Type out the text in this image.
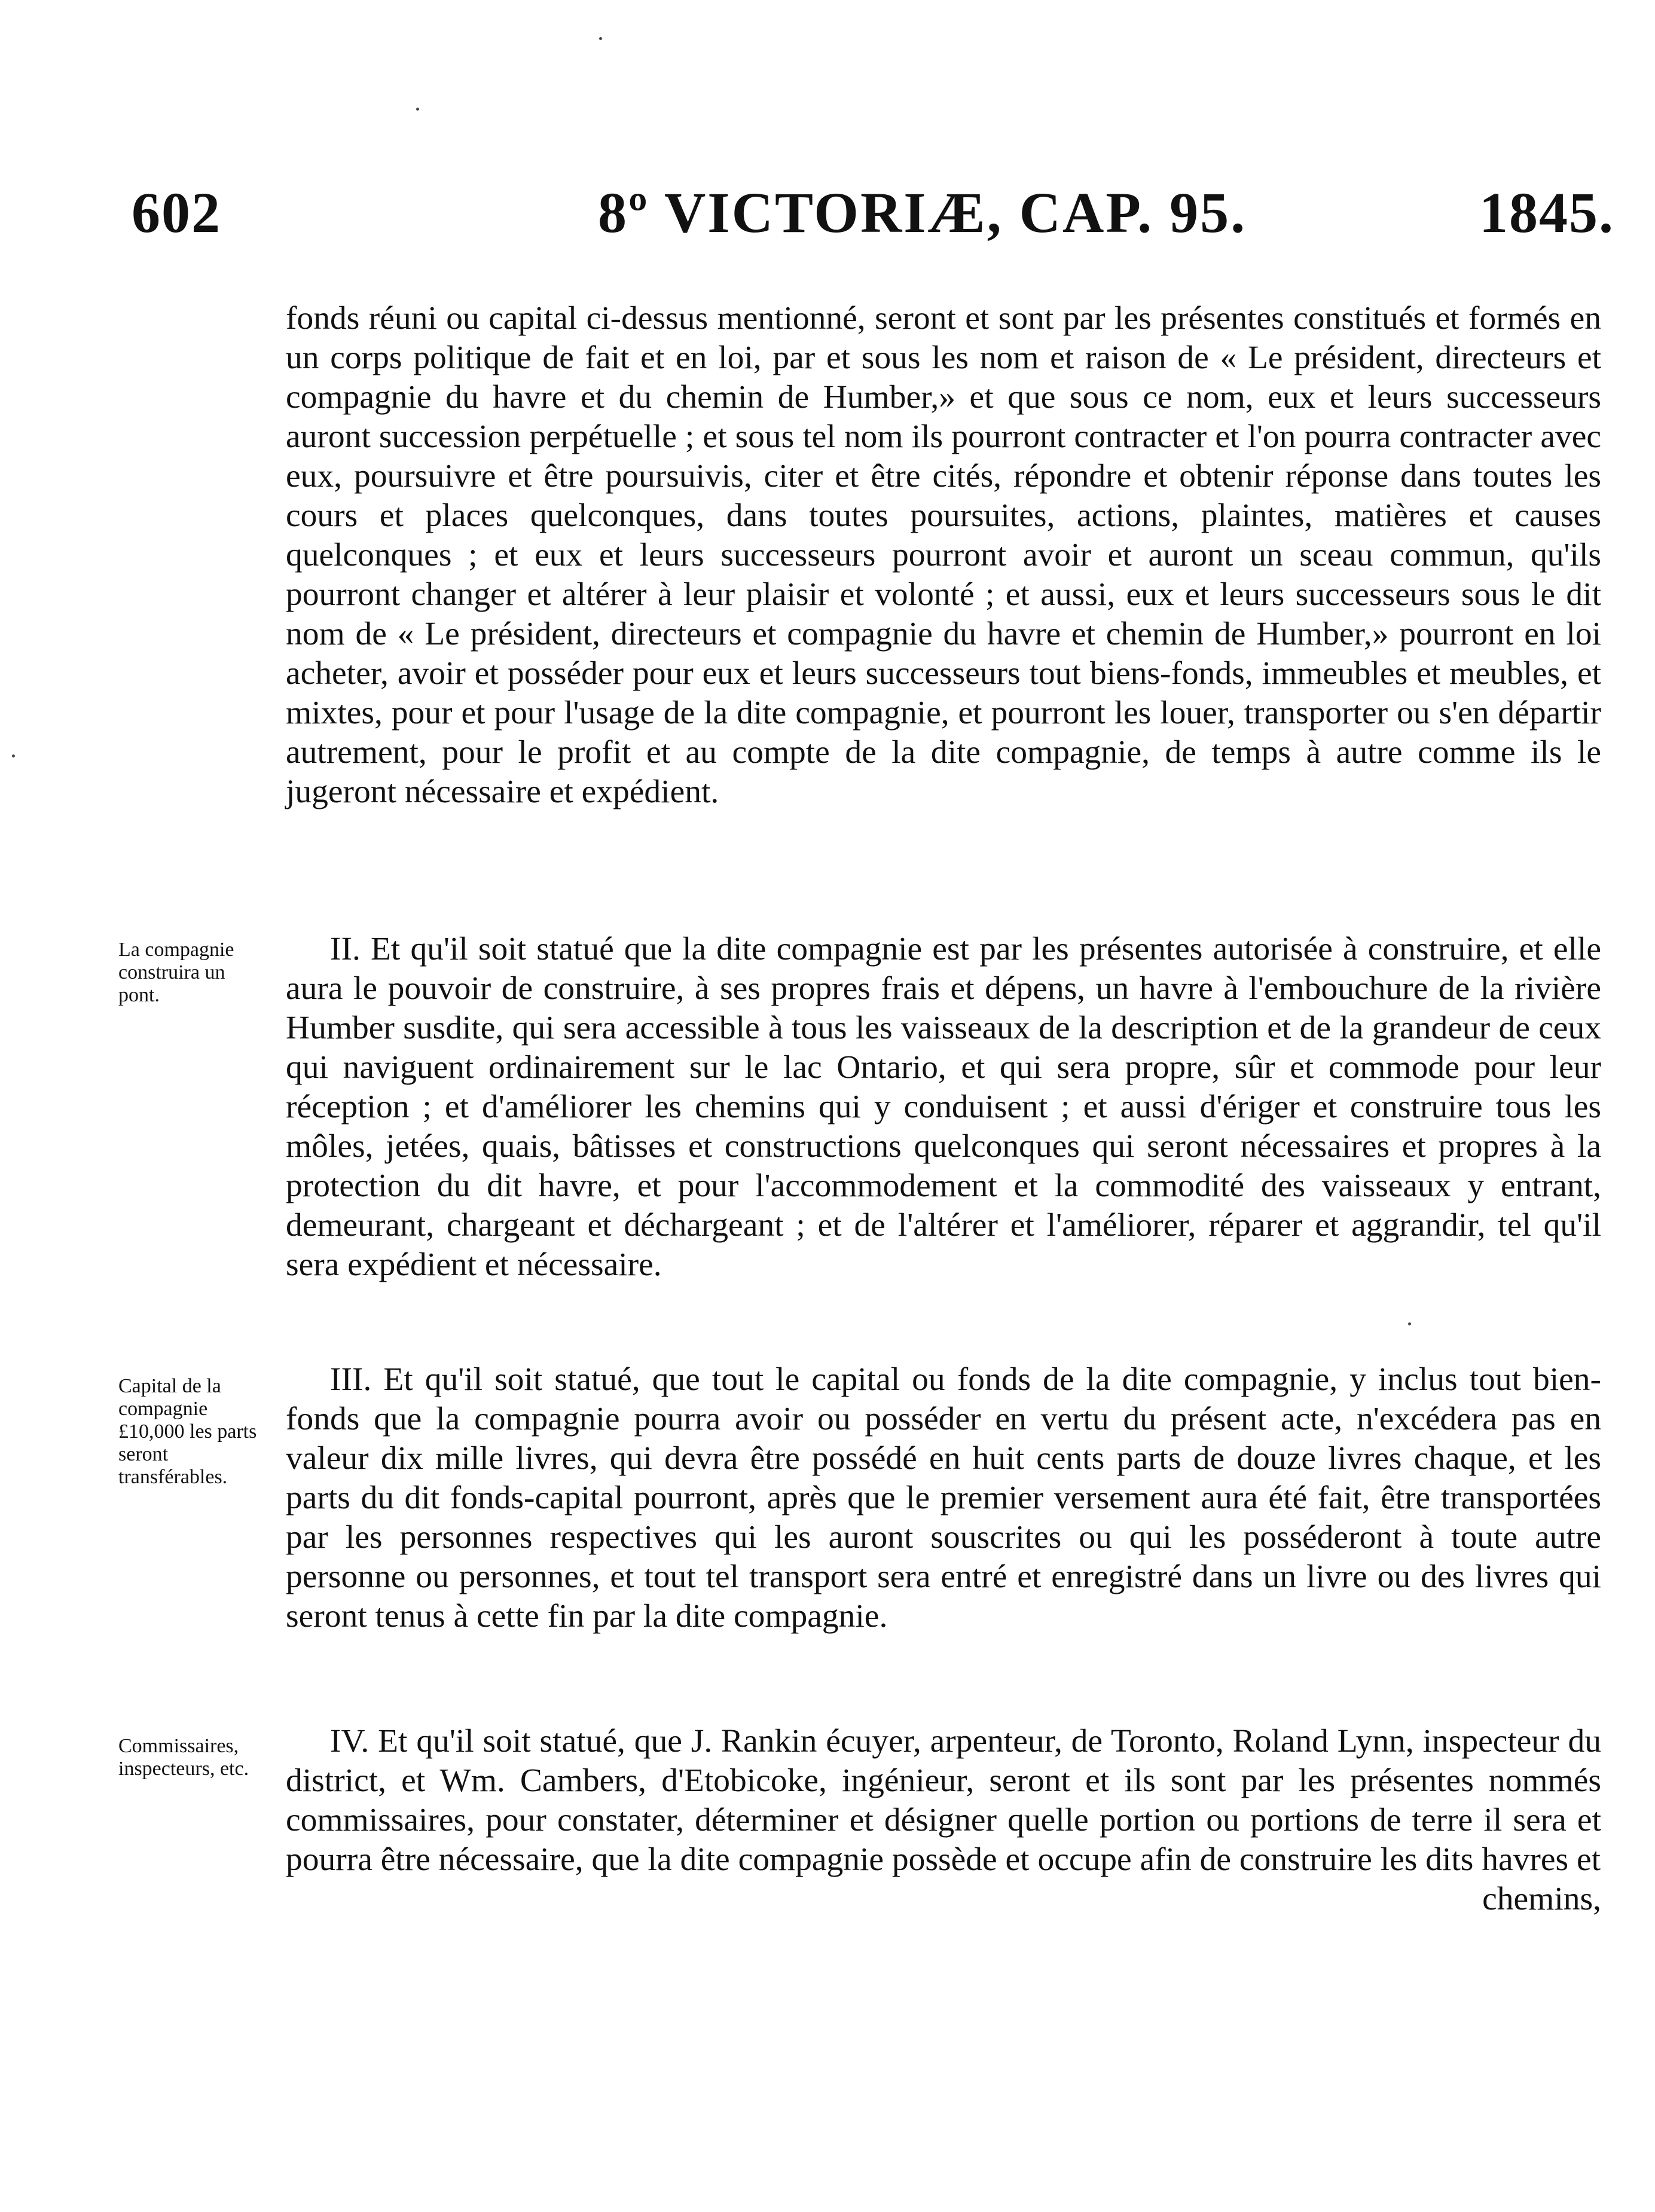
602	8º VICTORIÆ, CAP. 95.	1845.

fonds réuni ou capital ci-dessus mentionné, seront et sont par les présentes constitués et formés en un corps politique de fait et en loi, par et sous les nom et raison de « Le président, directeurs et compagnie du havre et du chemin de Humber,» et que sous ce nom, eux et leurs successeurs auront succession perpétuelle ; et sous tel nom ils pourront contracter et l'on pourra contracter avec eux, poursuivre et être poursuivis, citer et être cités, répondre et obtenir réponse dans toutes les cours et places quelconques, dans toutes poursuites, actions, plaintes, matières et causes quelconques ; et eux et leurs successeurs pourront avoir et auront un sceau commun, qu'ils pourront changer et altérer à leur plaisir et volonté ; et aussi, eux et leurs successeurs sous le dit nom de « Le président, directeurs et compagnie du havre et chemin de Humber,» pourront en loi acheter, avoir et posséder pour eux et leurs successeurs tout biens-fonds, immeubles et meubles, et mixtes, pour et pour l'usage de la dite compagnie, et pourront les louer, transporter ou s'en départir autrement, pour le profit et au compte de la dite compagnie, de temps à autre comme ils le jugeront nécessaire et expédient.

La compagnie construira un pont.

II. Et qu'il soit statué que la dite compagnie est par les présentes autorisée à construire, et elle aura le pouvoir de construire, à ses propres frais et dépens, un havre à l'embouchure de la rivière Humber susdite, qui sera accessible à tous les vaisseaux de la description et de la grandeur de ceux qui naviguent ordinairement sur le lac Ontario, et qui sera propre, sûr et commode pour leur réception ; et d'améliorer les chemins qui y conduisent ; et aussi d'ériger et construire tous les môles, jetées, quais, bâtisses et constructions quelconques qui seront nécessaires et propres à la protection du dit havre, et pour l'accommodement et la commodité des vaisseaux y entrant, demeurant, chargeant et déchargeant ; et de l'altérer et l'améliorer, réparer et aggrandir, tel qu'il sera expédient et nécessaire.

Capital de la compagnie £10,000 les parts seront transférables.

III. Et qu'il soit statué, que tout le capital ou fonds de la dite compagnie, y inclus tout bien-fonds que la compagnie pourra avoir ou posséder en vertu du présent acte, n'excédera pas en valeur dix mille livres, qui devra être possédé en huit cents parts de douze livres chaque, et les parts du dit fonds-capital pourront, après que le premier versement aura été fait, être transportées par les personnes respectives qui les auront souscrites ou qui les posséderont à toute autre personne ou personnes, et tout tel transport sera entré et enregistré dans un livre ou des livres qui seront tenus à cette fin par la dite compagnie.

Commissaires, inspecteurs, etc.

IV. Et qu'il soit statué, que J. Rankin écuyer, arpenteur, de Toronto, Roland Lynn, inspecteur du district, et Wm. Cambers, d'Etobicoke, ingénieur, seront et ils sont par les présentes nommés commissaires, pour constater, déterminer et désigner quelle portion ou portions de terre il sera et pourra être nécessaire, que la dite compagnie possède et occupe afin de construire les dits havres et
chemins,
